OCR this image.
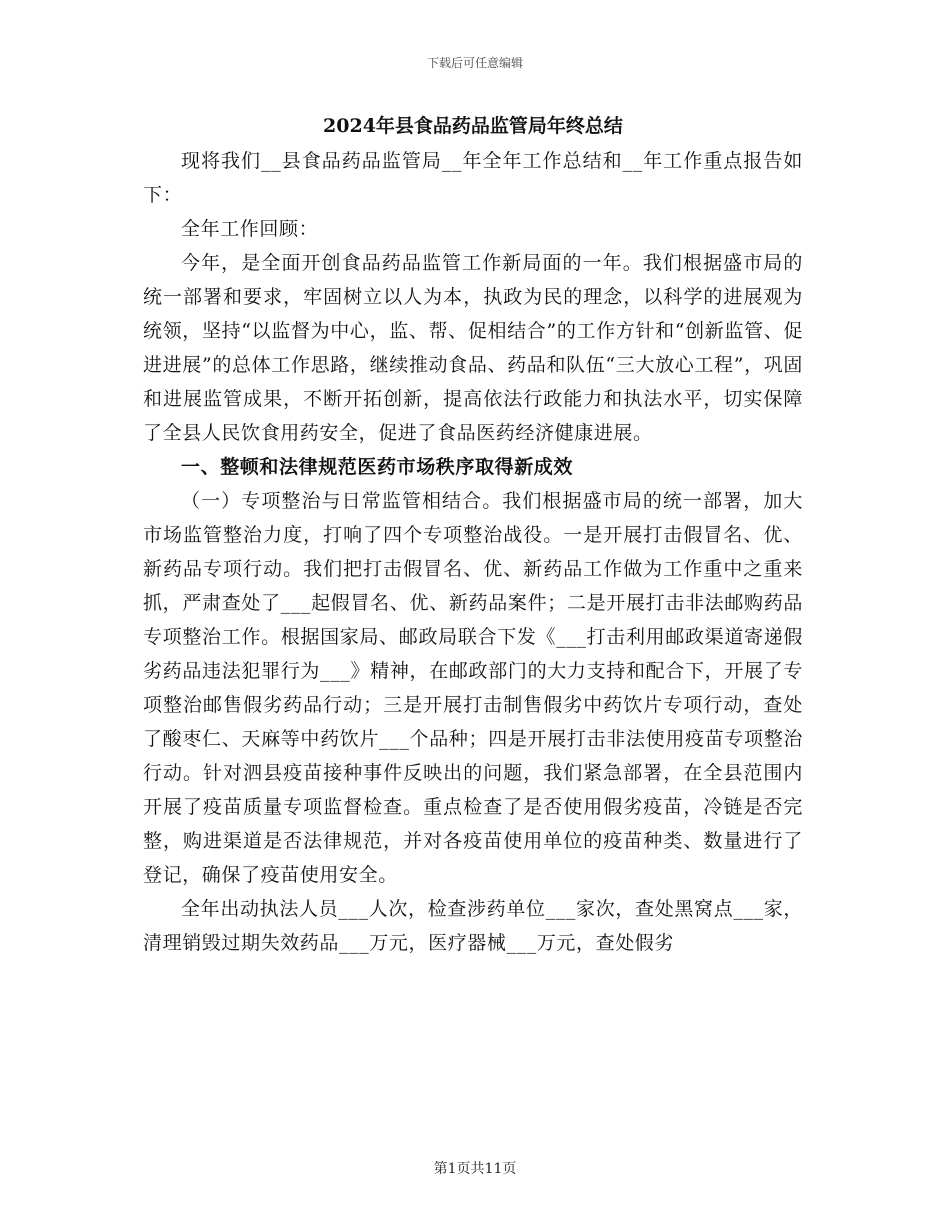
下载后可任意编辑
2024年县食品药品监管局年终总结

现将我们__县食品药品监管局__年全年工作总结和__年工作重点报告如下：

全年工作回顾：

今年，是全面开创食品药品监管工作新局面的一年。我们根据盛市局的统一部署和要求，牢固树立以人为本，执政为民的理念，以科学的进展观为统领，坚持“以监督为中心，监、帮、促相结合”的工作方针和“创新监管、促进进展”的总体工作思路，继续推动食品、药品和队伍“三大放心工程”，巩固和进展监管成果，不断开拓创新，提高依法行政能力和执法水平，切实保障了全县人民饮食用药安全，促进了食品医药经济健康进展。

一、整顿和法律规范医药市场秩序取得新成效

（一）专项整治与日常监管相结合。我们根据盛市局的统一部署，加大市场监管整治力度，打响了四个专项整治战役。一是开展打击假冒名、优、新药品专项行动。我们把打击假冒名、优、新药品工作做为工作重中之重来抓，严肃查处了___起假冒名、优、新药品案件；二是开展打击非法邮购药品专项整治工作。根据国家局、邮政局联合下发《___打击利用邮政渠道寄递假劣药品违法犯罪行为___》精神，在邮政部门的大力支持和配合下，开展了专项整治邮售假劣药品行动；三是开展打击制售假劣中药饮片专项行动，查处了酸枣仁、天麻等中药饮片___个品种；四是开展打击非法使用疫苗专项整治行动。针对泗县疫苗接种事件反映出的问题，我们紧急部署，在全县范围内开展了疫苗质量专项监督检查。重点检查了是否使用假劣疫苗，冷链是否完整，购进渠道是否法律规范，并对各疫苗使用单位的疫苗种类、数量进行了登记，确保了疫苗使用安全。

全年出动执法人员___人次，检查涉药单位___家次，查处黑窝点___家，清理销毁过期失效药品___万元，医疗器械___万元，查处假劣

第1页共11页
